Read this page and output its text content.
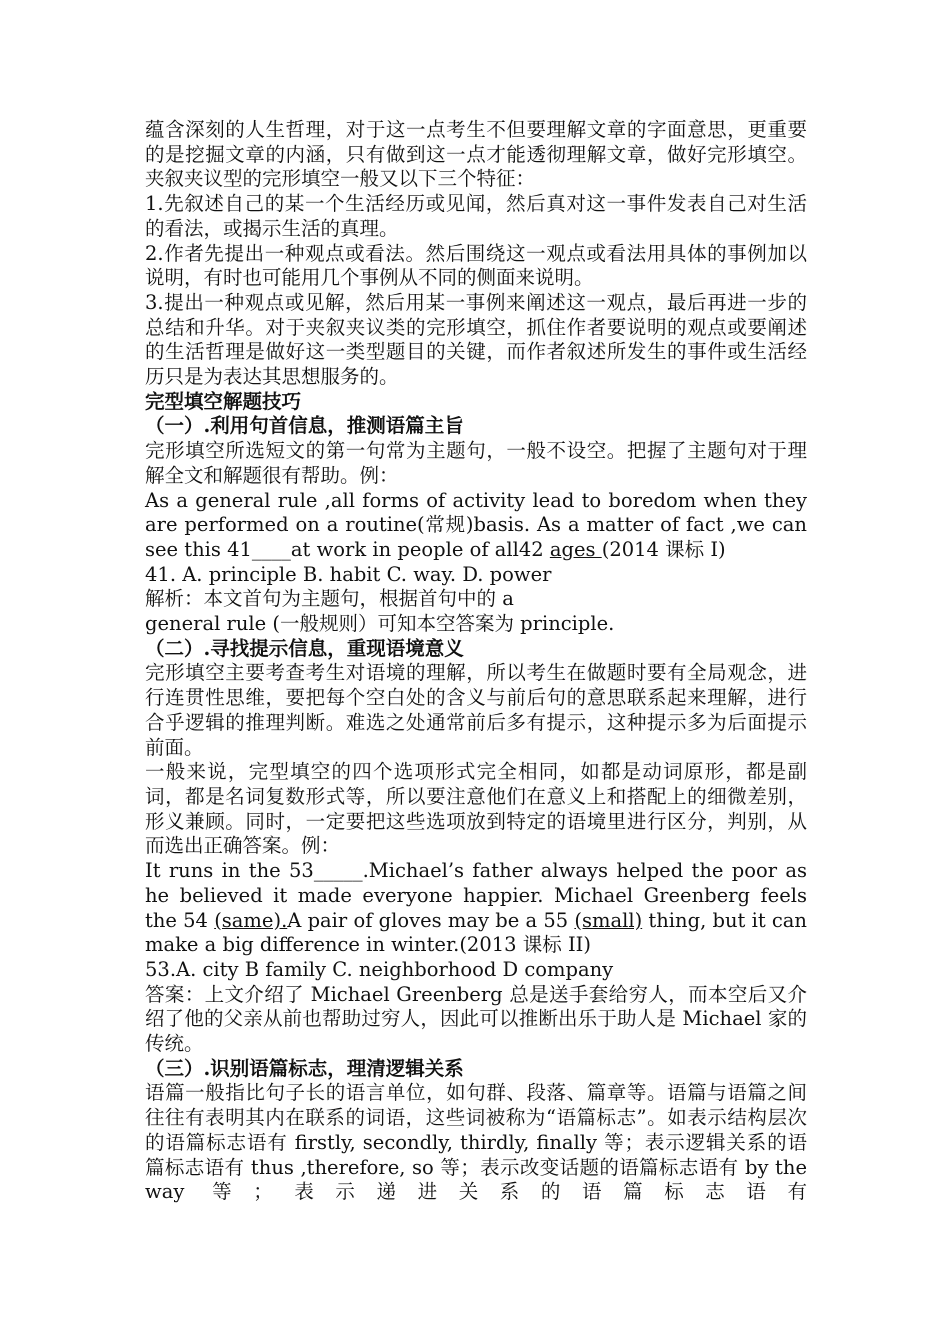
蕴含深刻的人生哲理，对于这一点考生不但要理解文章的字面意思，更重要的是挖掘文章的内涵，只有做到这一点才能透彻理解文章，做好完形填空。夹叙夹议型的完形填空一般又以下三个特征：

1.先叙述自己的某一个生活经历或见闻，然后真对这一事件发表自己对生活的看法，或揭示生活的真理。

2.作者先提出一种观点或看法。然后围绕这一观点或看法用具体的事例加以说明，有时也可能用几个事例从不同的侧面来说明。

3.提出一种观点或见解，然后用某一事例来阐述这一观点，最后再进一步的总结和升华。对于夹叙夹议类的完形填空，抓住作者要说明的观点或要阐述的生活哲理是做好这一类型题目的关键，而作者叙述所发生的事件或生活经历只是为表达其思想服务的。

完型填空解题技巧

（一）.利用句首信息，推测语篇主旨

完形填空所选短文的第一句常为主题句，一般不设空。把握了主题句对于理解全文和解题很有帮助。例：

As a general rule ,all forms of activity lead to boredom when they are performed on a routine(常规)basis. As a matter of fact ,we can see this 41____at work in people of all42 ages (2014 课标 I)

41. A. principle B. habit C. way. D. power

解析：本文首句为主题句，根据首句中的 a

general rule (一般规则）可知本空答案为 principle.

（二）.寻找提示信息，重现语境意义

完形填空主要考查考生对语境的理解，所以考生在做题时要有全局观念，进行连贯性思维，要把每个空白处的含义与前后句的意思联系起来理解，进行合乎逻辑的推理判断。难选之处通常前后多有提示，这种提示多为后面提示前面。

一般来说，完型填空的四个选项形式完全相同，如都是动词原形，都是副词，都是名词复数形式等，所以要注意他们在意义上和搭配上的细微差别，形义兼顾。同时，一定要把这些选项放到特定的语境里进行区分，判别，从而选出正确答案。例：

It runs in the 53_____.Michael’s father always helped the poor as he believed it made everyone happier. Michael Greenberg feels the 54 (same).A pair of gloves may be a 55 (small) thing, but it can make a big difference in winter.(2013 课标 II)

53.A. city B family C. neighborhood D company

答案：上文介绍了 Michael Greenberg 总是送手套给穷人，而本空后又介绍了他的父亲从前也帮助过穷人，因此可以推断出乐于助人是 Michael 家的传统。

（三）.识别语篇标志，理清逻辑关系

语篇一般指比句子长的语言单位，如句群、段落、篇章等。语篇与语篇之间往往有表明其内在联系的词语，这些词被称为“语篇标志”。如表示结构层次的语篇标志语有 firstly, secondly, thirdly, finally 等；表示逻辑关系的语篇标志语有 thus ,therefore, so 等；表示改变话题的语篇标志语有 by the way 等；表示递进关系的语篇标志语有
